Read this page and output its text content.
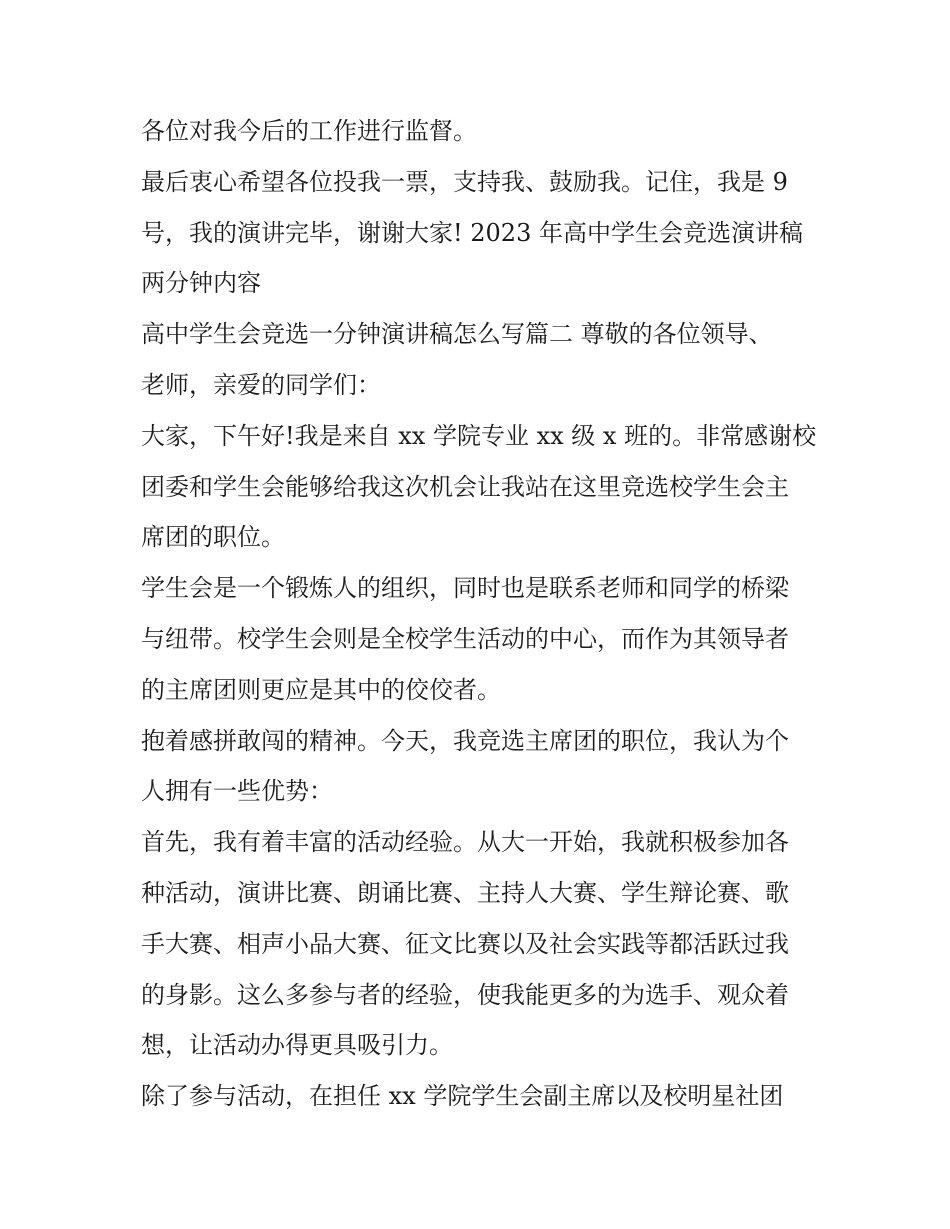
各位对我今后的工作进行监督。

最后衷心希望各位投我一票，支持我、鼓励我。记住，我是 9
号，我的演讲完毕，谢谢大家! 2023 年高中学生会竞选演讲稿
两分钟内容

高中学生会竞选一分钟演讲稿怎么写篇二 尊敬的各位领导、
老师，亲爱的同学们：

大家，下午好!我是来自 xx 学院专业 xx 级 x 班的。非常感谢校
团委和学生会能够给我这次机会让我站在这里竞选校学生会主
席团的职位。

学生会是一个锻炼人的组织，同时也是联系老师和同学的桥梁
与纽带。校学生会则是全校学生活动的中心，而作为其领导者
的主席团则更应是其中的佼佼者。

抱着感拼敢闯的精神。今天，我竞选主席团的职位，我认为个
人拥有一些优势：

首先，我有着丰富的活动经验。从大一开始，我就积极参加各
种活动，演讲比赛、朗诵比赛、主持人大赛、学生辩论赛、歌
手大赛、相声小品大赛、征文比赛以及社会实践等都活跃过我
的身影。这么多参与者的经验，使我能更多的为选手、观众着
想，让活动办得更具吸引力。

除了参与活动，在担任 xx 学院学生会副主席以及校明星社团
